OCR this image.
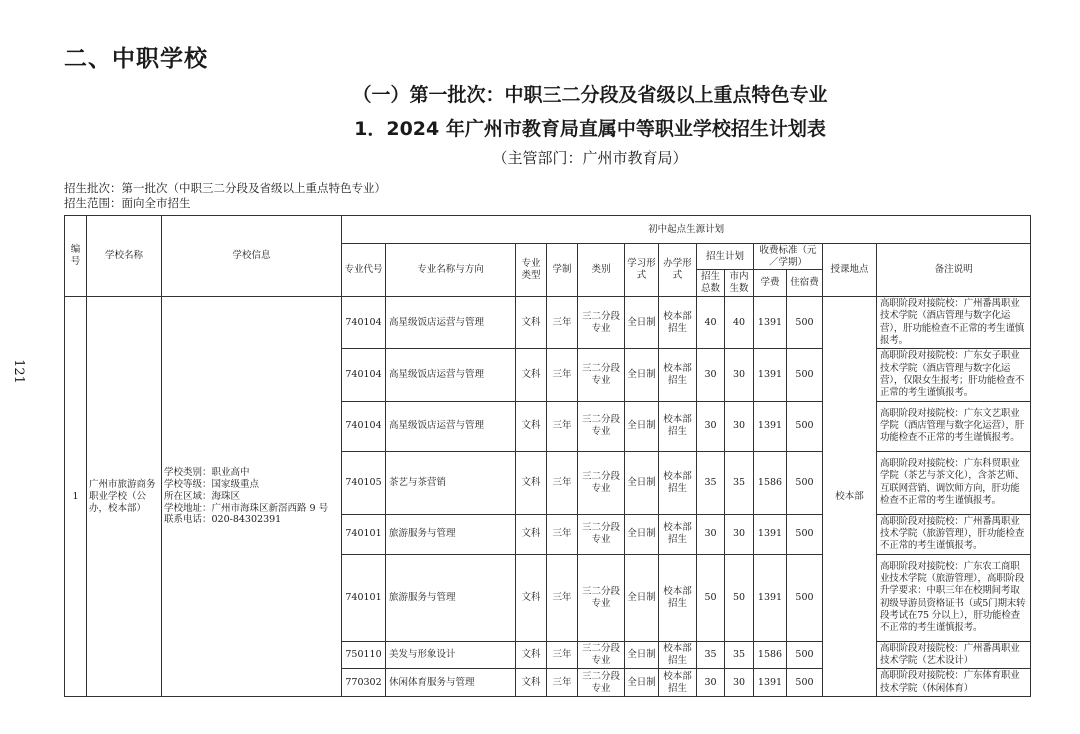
121
二、中职学校
（一）第一批次：中职三二分段及省级以上重点特色专业
1．2024 年广州市教育局直属中等职业学校招生计划表
（主管部门：广州市教育局）
招生批次：第一批次（中职三二分段及省级以上重点特色专业）
招生范围：面向全市招生
编号	学校名称	学校信息	初中起点生源计划												
			专业代号	专业名称与方向	专业类型	学制	类别	学习形式	办学形式	招生计划		收费标准（元／学期）		授课地点	备注说明
										招生总数	市内生数	学费	住宿费		
1	广州市旅游商务职业学校（公办，校本部）	学校类别：职业高中
学校等级：国家级重点
所在区域：海珠区
学校地址：广州市海珠区新滘西路 9 号
联系电话：020-84302391	740104	高星级饭店运营与管理	文科	三年	三二分段专业	全日制	校本部招生	40	40	1391	500	校本部	高职阶段对接院校：广州番禺职业技术学院（酒店管理与数字化运营），肝功能检查不正常的考生谨慎报考。
			740104	高星级饭店运营与管理	文科	三年	三二分段专业	全日制	校本部招生	30	30	1391	500		高职阶段对接院校：广东女子职业技术学院（酒店管理与数字化运营），仅限女生报考；肝功能检查不正常的考生谨慎报考。
			740104	高星级饭店运营与管理	文科	三年	三二分段专业	全日制	校本部招生	30	30	1391	500		高职阶段对接院校：广东文艺职业学院（酒店管理与数字化运营），肝功能检查不正常的考生谨慎报考。
			740105	茶艺与茶营销	文科	三年	三二分段专业	全日制	校本部招生	35	35	1586	500		高职阶段对接院校：广东科贸职业学院（茶艺与茶文化），含茶艺师、互联网营销、调饮师方向，肝功能检查不正常的考生谨慎报考。
			740101	旅游服务与管理	文科	三年	三二分段专业	全日制	校本部招生	30	30	1391	500		高职阶段对接院校：广州番禺职业技术学院（旅游管理），肝功能检查不正常的考生谨慎报考。
			740101	旅游服务与管理	文科	三年	三二分段专业	全日制	校本部招生	50	50	1391	500		高职阶段对接院校：广东农工商职业技术学院（旅游管理），高职阶段升学要求：中职三年在校期间考取初级导游员资格证书（或5门期末转段考试在75 分以上），肝功能检查不正常的考生谨慎报考。
			750110	美发与形象设计	文科	三年	三二分段专业	全日制	校本部招生	35	35	1586	500		高职阶段对接院校：广州番禺职业技术学院（艺术设计）
			770302	休闲体育服务与管理	文科	三年	三二分段专业	全日制	校本部招生	30	30	1391	500		高职阶段对接院校：广东体育职业技术学院（休闲体育）
